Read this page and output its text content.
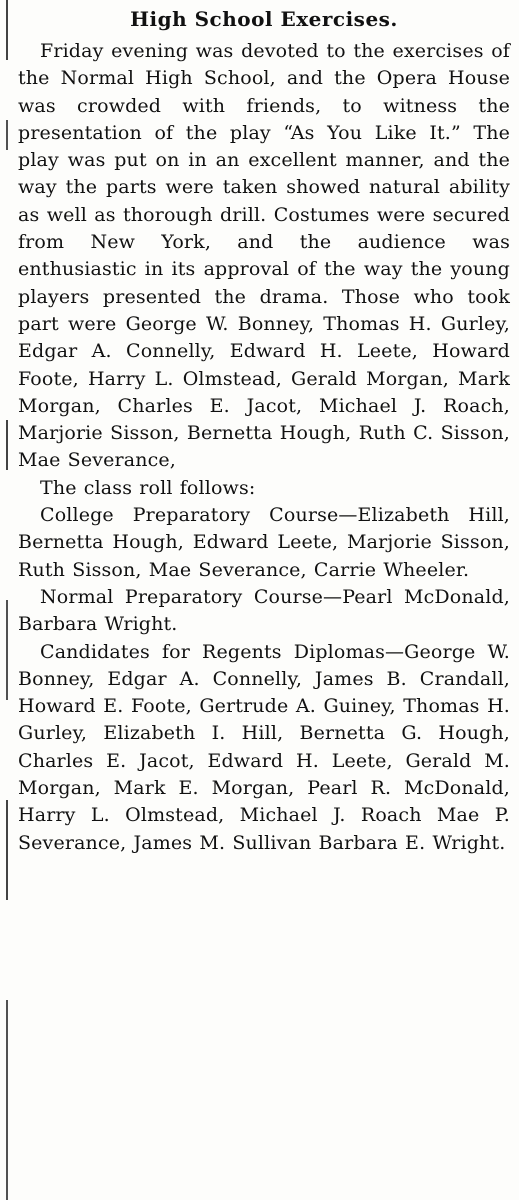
High School Exercises.

Friday evening was devoted to the exercises of the Normal High School, and the Opera House was crowded with friends, to witness the presentation of the play “As You Like It.” The play was put on in an excellent manner, and the way the parts were taken showed natural ability as well as thorough drill. Costumes were secured from New York, and the audience was enthusiastic in its approval of the way the young players presented the drama. Those who took part were George W. Bonney, Thomas H. Gurley, Edgar A. Connelly, Edward H. Leete, Howard Foote, Harry L. Olmstead, Gerald Morgan, Mark Morgan, Charles E. Jacot, Michael J. Roach, Marjorie Sisson, Bernetta Hough, Ruth C. Sisson, Mae Severance,

The class roll follows:

College Preparatory Course—Elizabeth Hill, Bernetta Hough, Edward Leete, Marjorie Sisson, Ruth Sisson, Mae Severance, Carrie Wheeler.

Normal Preparatory Course—Pearl McDonald, Barbara Wright.

Candidates for Regents Diplomas—George W. Bonney, Edgar A. Connelly, James B. Crandall, Howard E. Foote, Gertrude A. Guiney, Thomas H. Gurley, Elizabeth I. Hill, Bernetta G. Hough, Charles E. Jacot, Edward H. Leete, Gerald M. Morgan, Mark E. Morgan, Pearl R. McDonald, Harry L. Olmstead, Michael J. Roach Mae P. Severance, James M. Sullivan Barbara E. Wright.
